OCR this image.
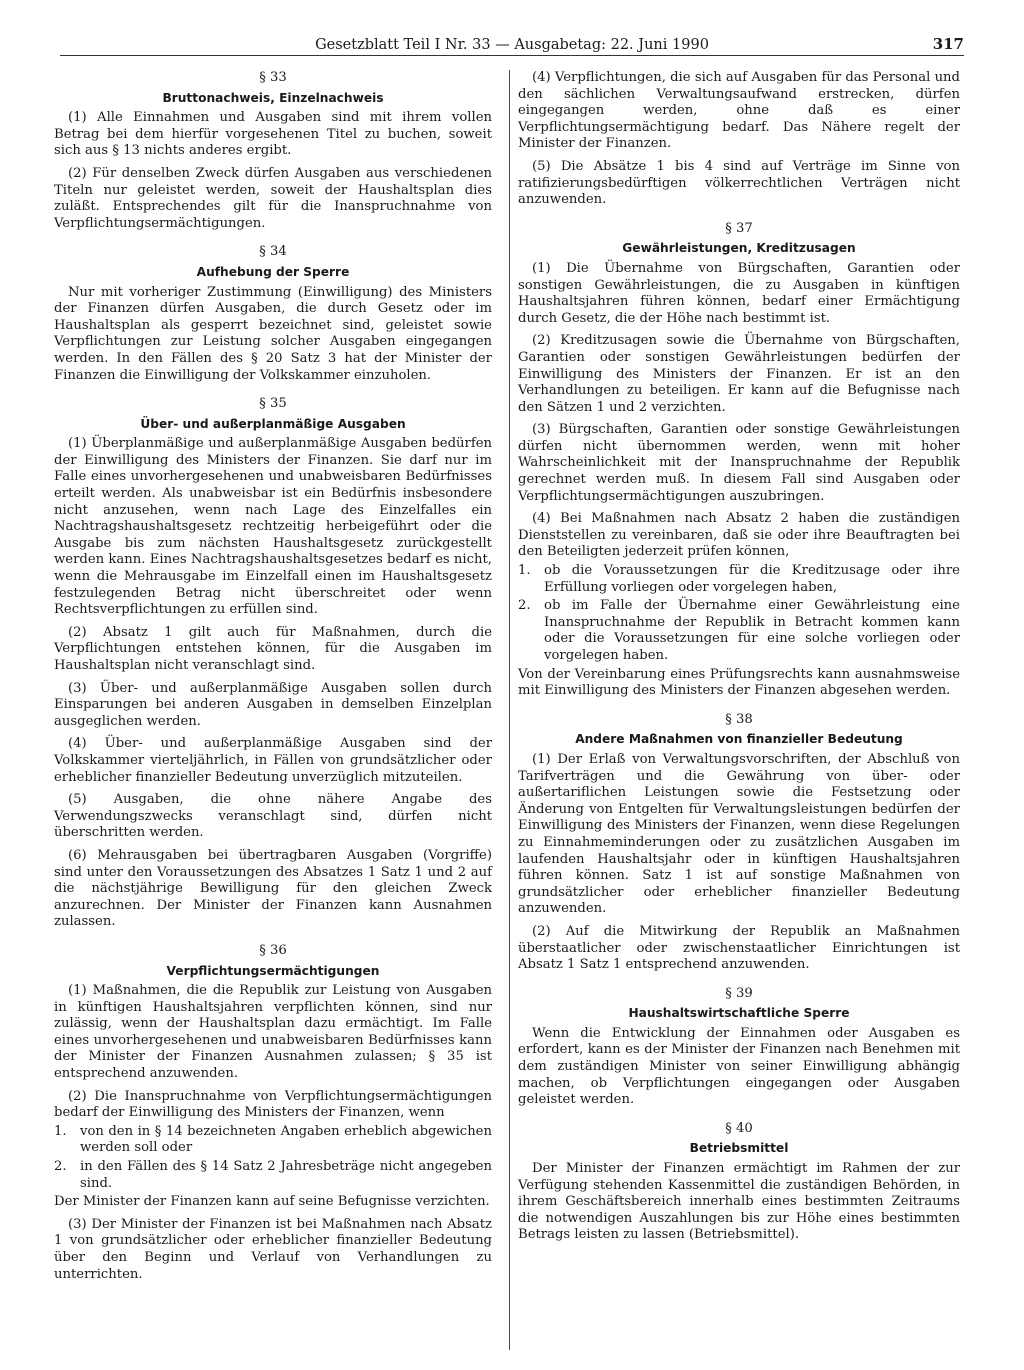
Gesetzblatt Teil I Nr. 33 — Ausgabetag: 22. Juni 1990	317
§ 33
Bruttonachweis, Einzelnachweis

(1) Alle Einnahmen und Ausgaben sind mit ihrem vollen Betrag bei dem hierfür vorgesehenen Titel zu buchen, soweit sich aus § 13 nichts anderes ergibt.

(2) Für denselben Zweck dürfen Ausgaben aus verschiedenen Titeln nur geleistet werden, soweit der Haushaltsplan dies zuläßt. Entsprechendes gilt für die Inanspruchnahme von Verpflichtungsermächtigungen.

§ 34
Aufhebung der Sperre

Nur mit vorheriger Zustimmung (Einwilligung) des Ministers der Finanzen dürfen Ausgaben, die durch Gesetz oder im Haushaltsplan als gesperrt bezeichnet sind, geleistet sowie Verpflichtungen zur Leistung solcher Ausgaben eingegangen werden. In den Fällen des § 20 Satz 3 hat der Minister der Finanzen die Einwilligung der Volkskammer einzuholen.

§ 35
Über- und außerplanmäßige Ausgaben

(1) Überplanmäßige und außerplanmäßige Ausgaben bedürfen der Einwilligung des Ministers der Finanzen. Sie darf nur im Falle eines unvorhergesehenen und unabweisbaren Bedürfnisses erteilt werden. Als unabweisbar ist ein Bedürfnis insbesondere nicht anzusehen, wenn nach Lage des Einzelfalles ein Nachtragshaushaltsgesetz rechtzeitig herbeigeführt oder die Ausgabe bis zum nächsten Haushaltsgesetz zurückgestellt werden kann. Eines Nachtragshaushaltsgesetzes bedarf es nicht, wenn die Mehrausgabe im Einzelfall einen im Haushaltsgesetz festzulegenden Betrag nicht überschreitet oder wenn Rechtsverpflichtungen zu erfüllen sind.

(2) Absatz 1 gilt auch für Maßnahmen, durch die Verpflichtungen entstehen können, für die Ausgaben im Haushaltsplan nicht veranschlagt sind.

(3) Über- und außerplanmäßige Ausgaben sollen durch Einsparungen bei anderen Ausgaben in demselben Einzelplan ausgeglichen werden.

(4) Über- und außerplanmäßige Ausgaben sind der Volkskammer vierteljährlich, in Fällen von grundsätzlicher oder erheblicher finanzieller Bedeutung unverzüglich mitzuteilen.

(5) Ausgaben, die ohne nähere Angabe des Verwendungszwecks veranschlagt sind, dürfen nicht überschritten werden.

(6) Mehrausgaben bei übertragbaren Ausgaben (Vorgriffe) sind unter den Voraussetzungen des Absatzes 1 Satz 1 und 2 auf die nächstjährige Bewilligung für den gleichen Zweck anzurechnen. Der Minister der Finanzen kann Ausnahmen zulassen.

§ 36
Verpflichtungsermächtigungen

(1) Maßnahmen, die die Republik zur Leistung von Ausgaben in künftigen Haushaltsjahren verpflichten können, sind nur zulässig, wenn der Haushaltsplan dazu ermächtigt. Im Falle eines unvorhergesehenen und unabweisbaren Bedürfnisses kann der Minister der Finanzen Ausnahmen zulassen; § 35 ist entsprechend anzuwenden.

(2) Die Inanspruchnahme von Verpflichtungsermächtigungen bedarf der Einwilligung des Ministers der Finanzen, wenn

1.	von den in § 14 bezeichneten Angaben erheblich abgewichen werden soll oder
2.	in den Fällen des § 14 Satz 2 Jahresbeträge nicht angegeben sind.

Der Minister der Finanzen kann auf seine Befugnisse verzichten.

(3) Der Minister der Finanzen ist bei Maßnahmen nach Absatz 1 von grundsätzlicher oder erheblicher finanzieller Bedeutung über den Beginn und Verlauf von Verhandlungen zu unterrichten.

(4) Verpflichtungen, die sich auf Ausgaben für das Personal und den sächlichen Verwaltungsaufwand erstrecken, dürfen eingegangen werden, ohne daß es einer Verpflichtungsermächtigung bedarf. Das Nähere regelt der Minister der Finanzen.

(5) Die Absätze 1 bis 4 sind auf Verträge im Sinne von ratifizierungsbedürftigen völkerrechtlichen Verträgen nicht anzuwenden.

§ 37
Gewährleistungen, Kreditzusagen

(1) Die Übernahme von Bürgschaften, Garantien oder sonstigen Gewährleistungen, die zu Ausgaben in künftigen Haushaltsjahren führen können, bedarf einer Ermächtigung durch Gesetz, die der Höhe nach bestimmt ist.

(2) Kreditzusagen sowie die Übernahme von Bürgschaften, Garantien oder sonstigen Gewährleistungen bedürfen der Einwilligung des Ministers der Finanzen. Er ist an den Verhandlungen zu beteiligen. Er kann auf die Befugnisse nach den Sätzen 1 und 2 verzichten.

(3) Bürgschaften, Garantien oder sonstige Gewährleistungen dürfen nicht übernommen werden, wenn mit hoher Wahrscheinlichkeit mit der Inanspruchnahme der Republik gerechnet werden muß. In diesem Fall sind Ausgaben oder Verpflichtungsermächtigungen auszubringen.

(4) Bei Maßnahmen nach Absatz 2 haben die zuständigen Dienststellen zu vereinbaren, daß sie oder ihre Beauftragten bei den Beteiligten jederzeit prüfen können,

1.	ob die Voraussetzungen für die Kreditzusage oder ihre Erfüllung vorliegen oder vorgelegen haben,
2.	ob im Falle der Übernahme einer Gewährleistung eine Inanspruchnahme der Republik in Betracht kommen kann oder die Voraussetzungen für eine solche vorliegen oder vorgelegen haben.

Von der Vereinbarung eines Prüfungsrechts kann ausnahmsweise mit Einwilligung des Ministers der Finanzen abgesehen werden.

§ 38
Andere Maßnahmen von finanzieller Bedeutung

(1) Der Erlaß von Verwaltungsvorschriften, der Abschluß von Tarifverträgen und die Gewährung von über- oder außertariflichen Leistungen sowie die Festsetzung oder Änderung von Entgelten für Verwaltungsleistungen bedürfen der Einwilligung des Ministers der Finanzen, wenn diese Regelungen zu Einnahmeminderungen oder zu zusätzlichen Ausgaben im laufenden Haushaltsjahr oder in künftigen Haushaltsjahren führen können. Satz 1 ist auf sonstige Maßnahmen von grundsätzlicher oder erheblicher finanzieller Bedeutung anzuwenden.

(2) Auf die Mitwirkung der Republik an Maßnahmen überstaatlicher oder zwischenstaatlicher Einrichtungen ist Absatz 1 Satz 1 entsprechend anzuwenden.

§ 39
Haushaltswirtschaftliche Sperre

Wenn die Entwicklung der Einnahmen oder Ausgaben es erfordert, kann es der Minister der Finanzen nach Benehmen mit dem zuständigen Minister von seiner Einwilligung abhängig machen, ob Verpflichtungen eingegangen oder Ausgaben geleistet werden.

§ 40
Betriebsmittel

Der Minister der Finanzen ermächtigt im Rahmen der zur Verfügung stehenden Kassenmittel die zuständigen Behörden, in ihrem Geschäftsbereich innerhalb eines bestimmten Zeitraums die notwendigen Auszahlungen bis zur Höhe eines bestimmten Betrags leisten zu lassen (Betriebsmittel).
